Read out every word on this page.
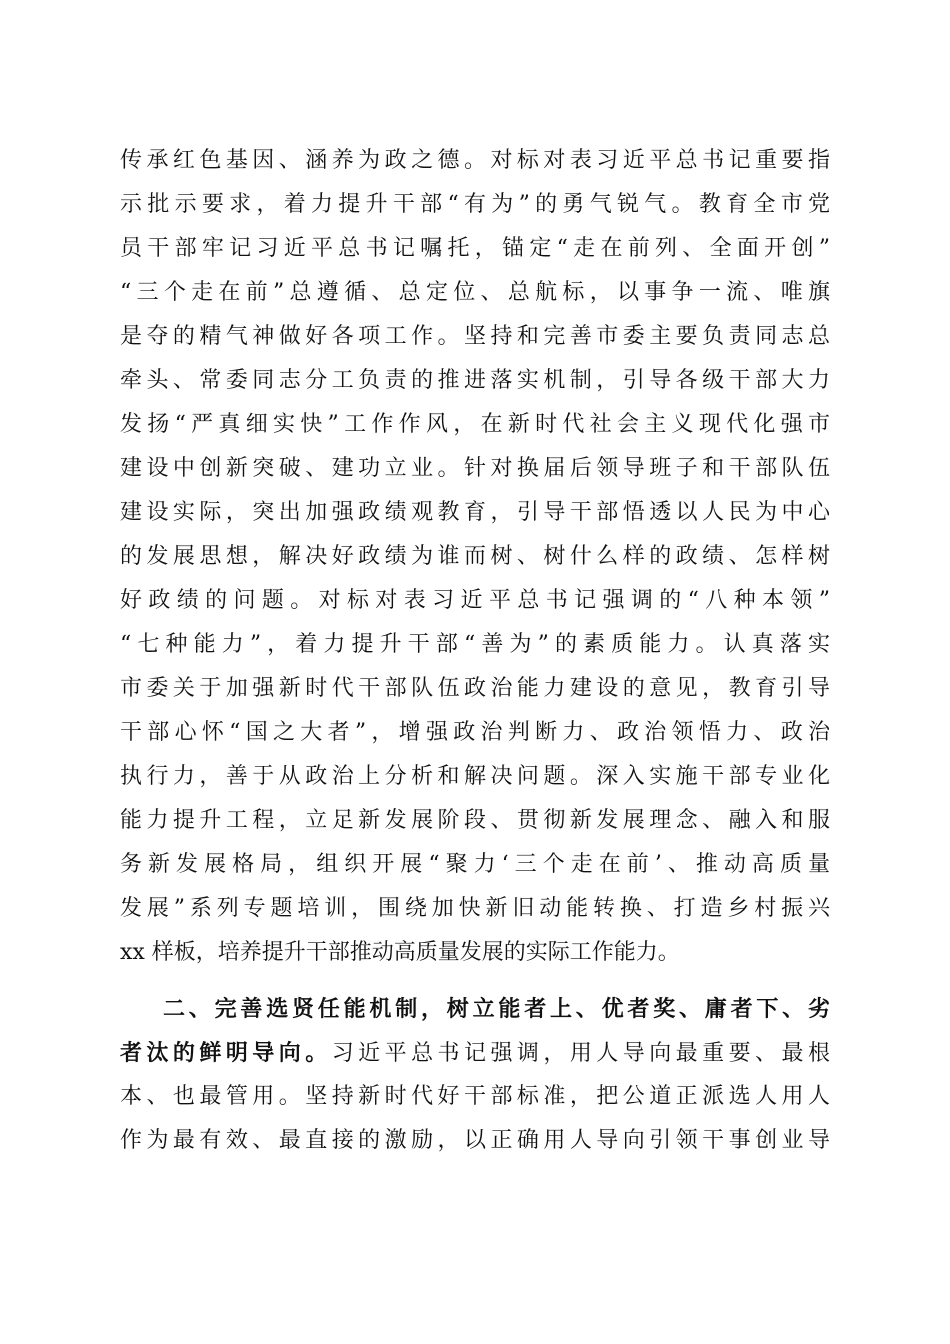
传承红色基因、涵养为政之德。对标对表习近平总书记重要指
示批示要求，着力提升干部“有为”的勇气锐气。教育全市党
员干部牢记习近平总书记嘱托，锚定“走在前列、全面开创”
“三个走在前”总遵循、总定位、总航标，以事争一流、唯旗
是夺的精气神做好各项工作。坚持和完善市委主要负责同志总
牵头、常委同志分工负责的推进落实机制，引导各级干部大力
发扬“严真细实快”工作作风，在新时代社会主义现代化强市
建设中创新突破、建功立业。针对换届后领导班子和干部队伍
建设实际，突出加强政绩观教育，引导干部悟透以人民为中心
的发展思想，解决好政绩为谁而树、树什么样的政绩、怎样树
好政绩的问题。对标对表习近平总书记强调的“八种本领”
“七种能力”，着力提升干部“善为”的素质能力。认真落实
市委关于加强新时代干部队伍政治能力建设的意见，教育引导
干部心怀“国之大者”，增强政治判断力、政治领悟力、政治
执行力，善于从政治上分析和解决问题。深入实施干部专业化
能力提升工程，立足新发展阶段、贯彻新发展理念、融入和服
务新发展格局，组织开展“聚力‘三个走在前’、推动高质量
发展”系列专题培训，围绕加快新旧动能转换、打造乡村振兴
xx 样板，培养提升干部推动高质量发展的实际工作能力。
二、完善选贤任能机制，树立能者上、优者奖、庸者下、劣
者汰的鲜明导向。习近平总书记强调，用人导向最重要、最根
本、也最管用。坚持新时代好干部标准，把公道正派选人用人
作为最有效、最直接的激励，以正确用人导向引领干事创业导
